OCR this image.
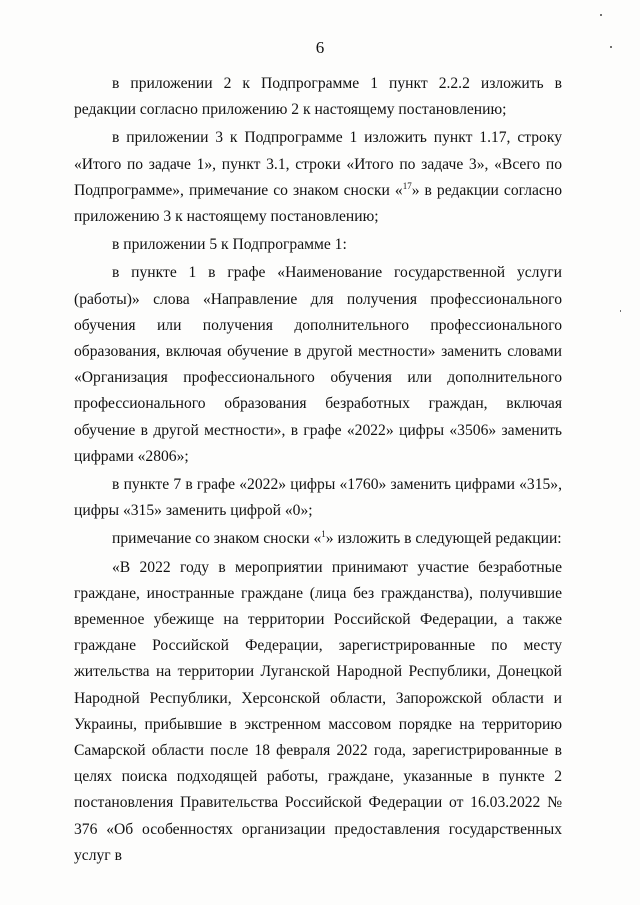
6

в приложении 2 к Подпрограмме 1 пункт 2.2.2 изложить в редакции согласно приложению 2 к настоящему постановлению;

в приложении 3 к Подпрограмме 1 изложить пункт 1.17, строку «Итого по задаче 1», пункт 3.1, строки «Итого по задаче 3», «Всего по Подпрограмме», примечание со знаком сноски «$^{17}$» в редакции согласно приложению 3 к настоящему постановлению;

в приложении 5 к Подпрограмме 1:

в пункте 1 в графе «Наименование государственной услуги (работы)» слова «Направление для получения профессионального обучения или получения дополнительного профессионального образования, включая обучение в другой местности» заменить словами «Организация профессионального обучения или дополнительного профессионального образования безработных граждан, включая обучение в другой местности», в графе «2022» цифры «3506» заменить цифрами «2806»;

в пункте 7 в графе «2022» цифры «1760» заменить цифрами «315», цифры «315» заменить цифрой «0»;

примечание со знаком сноски «$^1$» изложить в следующей редакции:

«В 2022 году в мероприятии принимают участие безработные граждане, иностранные граждане (лица без гражданства), получившие временное убежище на территории Российской Федерации, а также граждане Российской Федерации, зарегистрированные по месту жительства на территории Луганской Народной Республики, Донецкой Народной Республики, Херсонской области, Запорожской области и Украины, прибывшие в экстренном массовом порядке на территорию Самарской области после 18 февраля 2022 года, зарегистрированные в целях поиска подходящей работы, граждане, указанные в пункте 2 постановления Правительства Российской Федерации от 16.03.2022 № 376 «Об особенностях организации предоставления государственных услуг в
